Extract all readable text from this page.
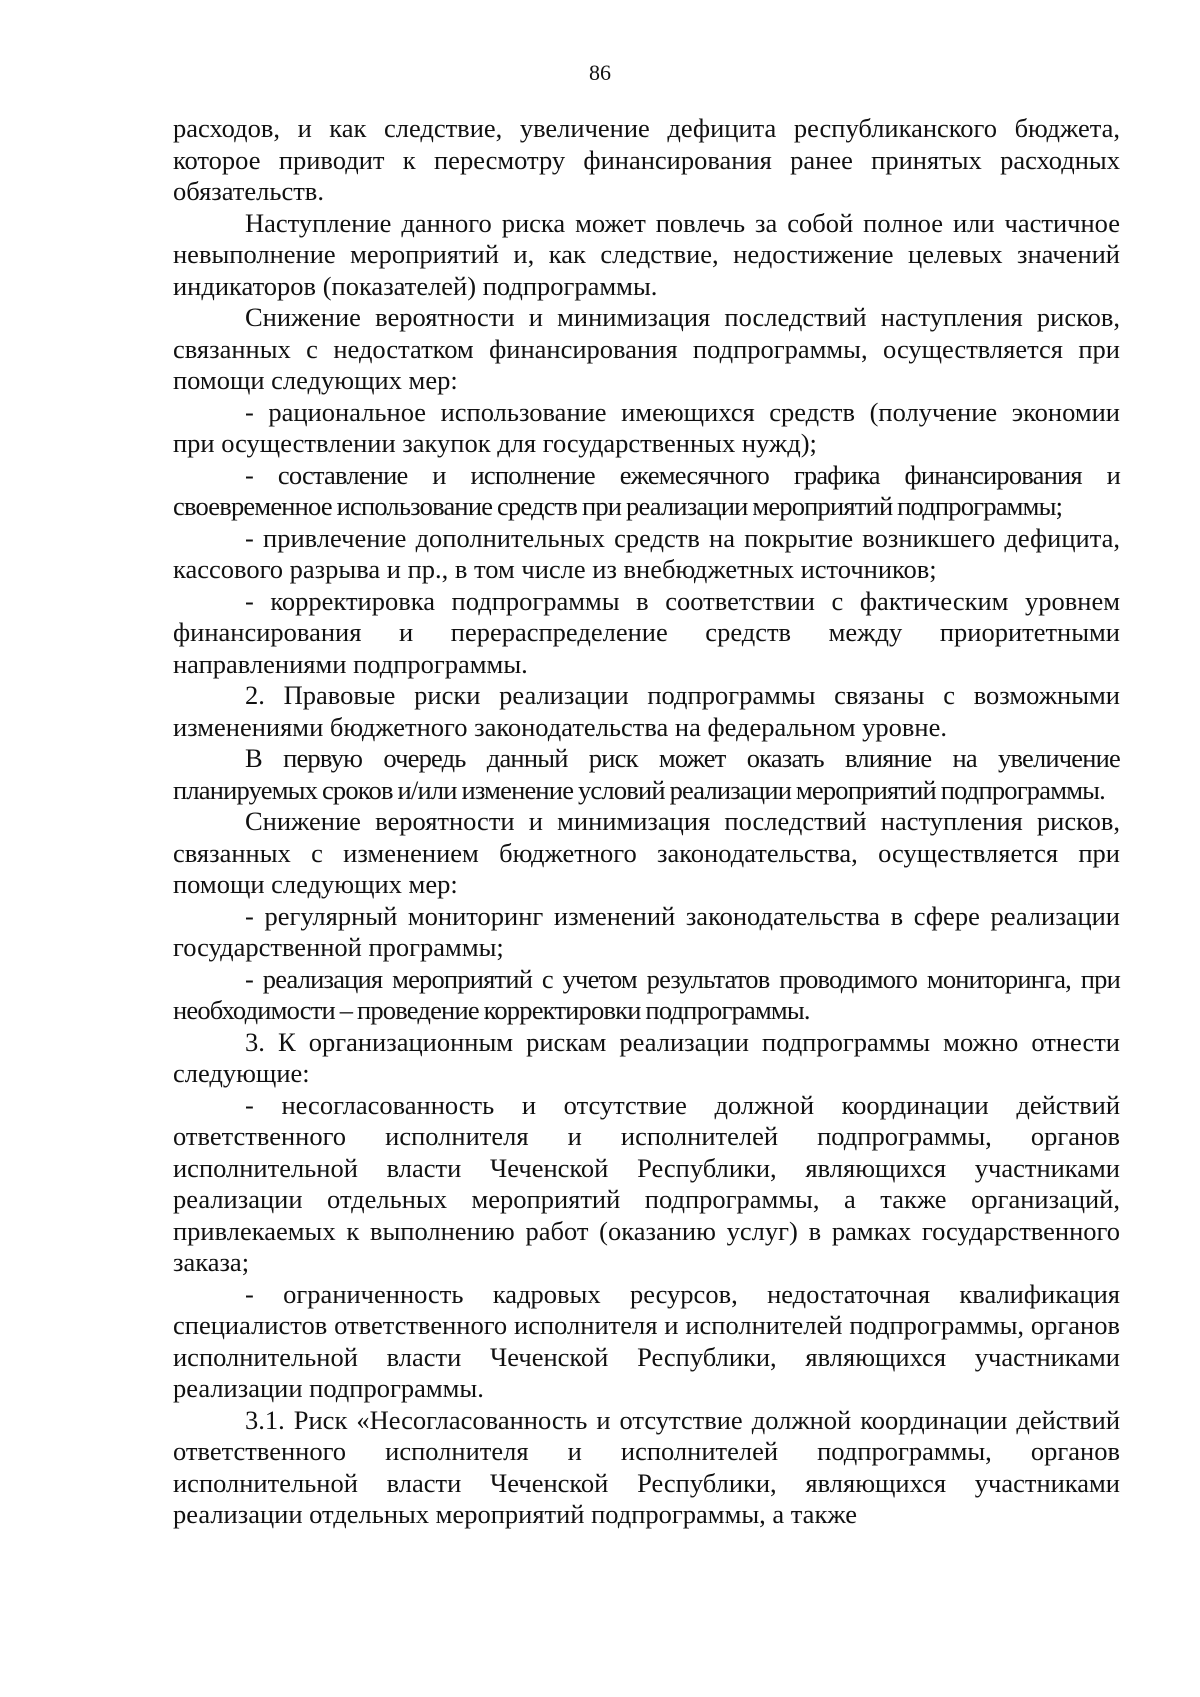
86

расходов, и как следствие, увеличение дефицита республиканского бюджета, которое приводит к пересмотру финансирования ранее принятых расходных обязательств.

Наступление данного риска может повлечь за собой полное или частичное невыполнение мероприятий и, как следствие, недостижение целевых значений индикаторов (показателей) подпрограммы.

Снижение вероятности и минимизация последствий наступления рисков, связанных с недостатком финансирования подпрограммы, осуществляется при помощи следующих мер:

- рациональное использование имеющихся средств (получение экономии при осуществлении закупок для государственных нужд);

- составление и исполнение ежемесячного графика финансирования и своевременное использование средств при реализации мероприятий подпрограммы;

- привлечение дополнительных средств на покрытие возникшего дефицита, кассового разрыва и пр., в том числе из внебюджетных источников;

- корректировка подпрограммы в соответствии с фактическим уровнем финансирования и перераспределение средств между приоритетными направлениями подпрограммы.

2. Правовые риски реализации подпрограммы связаны с возможными изменениями бюджетного законодательства на федеральном уровне.

В первую очередь данный риск может оказать влияние на увеличение планируемых сроков и/или изменение условий реализации мероприятий подпрограммы.

Снижение вероятности и минимизация последствий наступления рисков, связанных с изменением бюджетного законодательства, осуществляется при помощи следующих мер:

- регулярный мониторинг изменений законодательства в сфере реализации государственной программы;

- реализация мероприятий с учетом результатов проводимого мониторинга, при необходимости – проведение корректировки подпрограммы.

3. К организационным рискам реализации подпрограммы можно отнести следующие:

- несогласованность и отсутствие должной координации действий ответственного исполнителя и исполнителей подпрограммы, органов исполнительной власти Чеченской Республики, являющихся участниками реализации отдельных мероприятий подпрограммы, а также организаций, привлекаемых к выполнению работ (оказанию услуг) в рамках государственного заказа;

- ограниченность кадровых ресурсов, недостаточная квалификация специалистов ответственного исполнителя и исполнителей подпрограммы, органов исполнительной власти Чеченской Республики, являющихся участниками реализации подпрограммы.

3.1. Риск «Несогласованность и отсутствие должной координации действий ответственного исполнителя и исполнителей подпрограммы, органов исполнительной власти Чеченской Республики, являющихся участниками реализации отдельных мероприятий подпрограммы, а также
